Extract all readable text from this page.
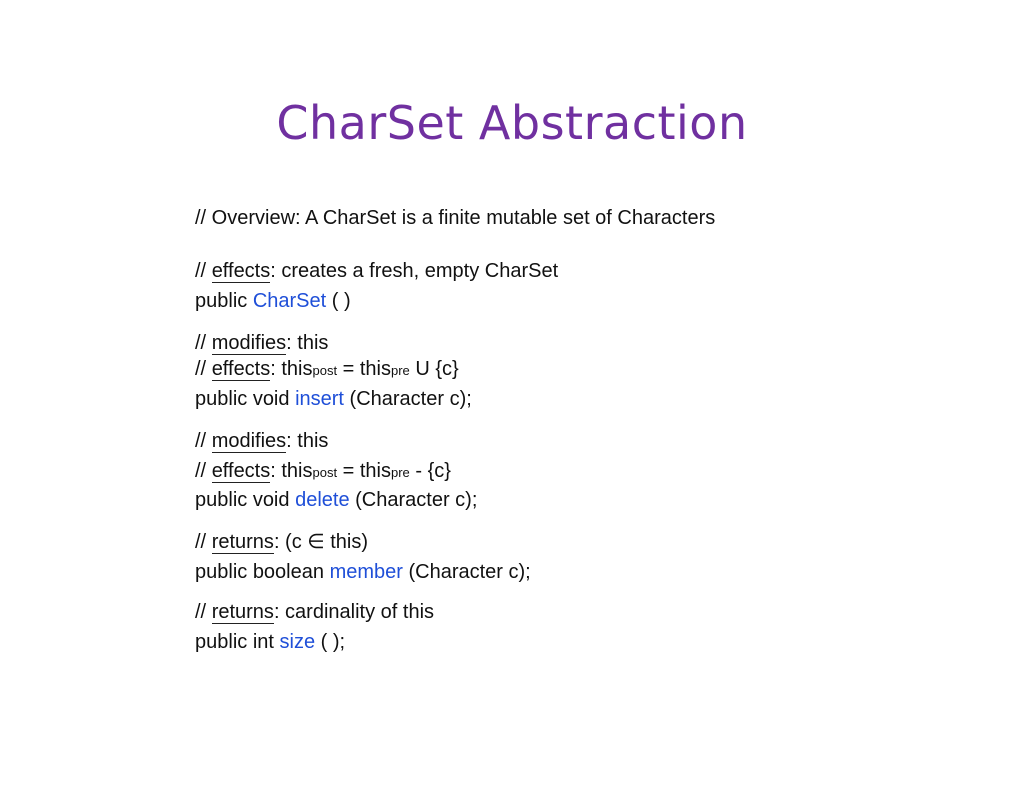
CharSet Abstraction
// Overview: A CharSet is a finite mutable set of Characters
// effects: creates a fresh, empty CharSet
public CharSet ( )
// modifies: this
// effects: thispost = thispre U {c}
public void insert (Character c);
// modifies: this
// effects: thispost = thispre - {c}
public void delete (Character c);
// returns: (c ∈ this)
public boolean member (Character c);
// returns: cardinality of this
public int size ( );
